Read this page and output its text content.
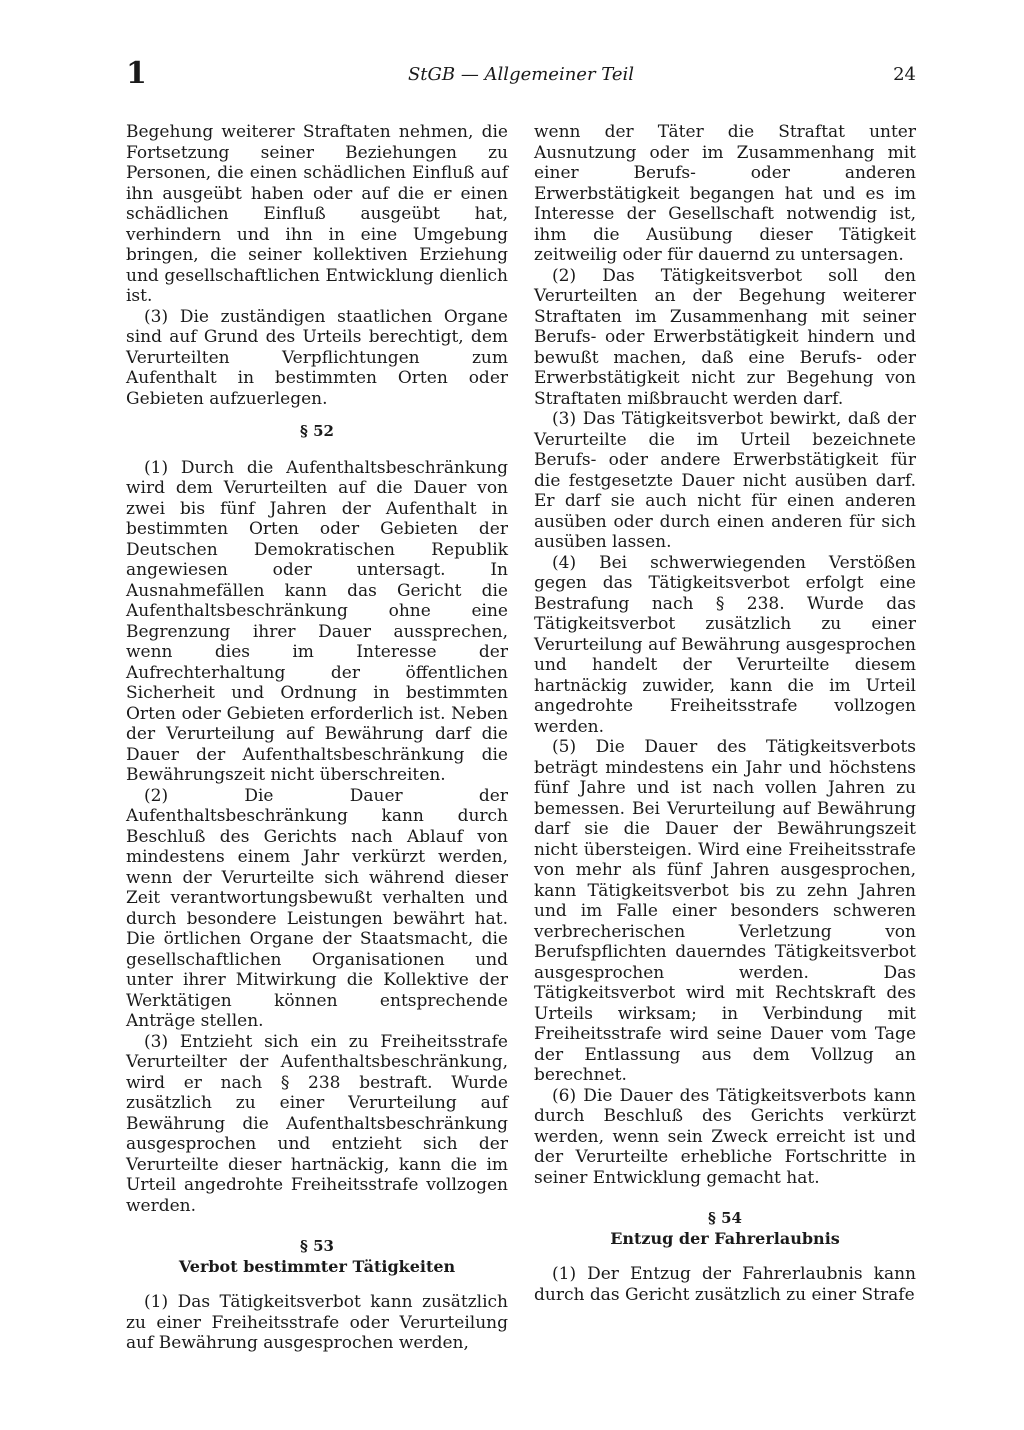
1	StGB — Allgemeiner Teil	24

Begehung weiterer Straftaten nehmen, die Fortsetzung seiner Beziehungen zu Personen, die einen schädlichen Einfluß auf ihn ausgeübt haben oder auf die er einen schädlichen Einfluß ausgeübt hat, verhindern und ihn in eine Umgebung bringen, die seiner kollektiven Erziehung und gesellschaftlichen Entwicklung dienlich ist.

(3) Die zuständigen staatlichen Organe sind auf Grund des Urteils berechtigt, dem Verurteilten Verpflichtungen zum Aufenthalt in bestimmten Orten oder Gebieten aufzuerlegen.

§ 52

(1) Durch die Aufenthaltsbeschränkung wird dem Verurteilten auf die Dauer von zwei bis fünf Jahren der Aufenthalt in bestimmten Orten oder Gebieten der Deutschen Demokratischen Republik angewiesen oder untersagt. In Ausnahmefällen kann das Gericht die Aufenthaltsbeschränkung ohne eine Begrenzung ihrer Dauer aussprechen, wenn dies im Interesse der Aufrechterhaltung der öffentlichen Sicherheit und Ordnung in bestimmten Orten oder Gebieten erforderlich ist. Neben der Verurteilung auf Bewährung darf die Dauer der Aufenthaltsbeschränkung die Bewährungszeit nicht überschreiten.

(2) Die Dauer der Aufenthaltsbeschränkung kann durch Beschluß des Gerichts nach Ablauf von mindestens einem Jahr verkürzt werden, wenn der Verurteilte sich während dieser Zeit verantwortungsbewußt verhalten und durch besondere Leistungen bewährt hat. Die örtlichen Organe der Staatsmacht, die gesellschaftlichen Organisationen und unter ihrer Mitwirkung die Kollektive der Werktätigen können entsprechende Anträge stellen.

(3) Entzieht sich ein zu Freiheitsstrafe Verurteilter der Aufenthaltsbeschränkung, wird er nach § 238 bestraft. Wurde zusätzlich zu einer Verurteilung auf Bewährung die Aufenthaltsbeschränkung ausgesprochen und entzieht sich der Verurteilte dieser hartnäckig, kann die im Urteil angedrohte Freiheitsstrafe vollzogen werden.

§ 53
Verbot bestimmter Tätigkeiten

(1) Das Tätigkeitsverbot kann zusätzlich zu einer Freiheitsstrafe oder Verurteilung auf Bewährung ausgesprochen werden,

wenn der Täter die Straftat unter Ausnutzung oder im Zusammenhang mit einer Berufs- oder anderen Erwerbstätigkeit begangen hat und es im Interesse der Gesellschaft notwendig ist, ihm die Ausübung dieser Tätigkeit zeitweilig oder für dauernd zu untersagen.

(2) Das Tätigkeitsverbot soll den Verurteilten an der Begehung weiterer Straftaten im Zusammenhang mit seiner Berufs- oder Erwerbstätigkeit hindern und bewußt machen, daß eine Berufs- oder Erwerbstätigkeit nicht zur Begehung von Straftaten mißbraucht werden darf.

(3) Das Tätigkeitsverbot bewirkt, daß der Verurteilte die im Urteil bezeichnete Berufs- oder andere Erwerbstätigkeit für die festgesetzte Dauer nicht ausüben darf. Er darf sie auch nicht für einen anderen ausüben oder durch einen anderen für sich ausüben lassen.

(4) Bei schwerwiegenden Verstößen gegen das Tätigkeitsverbot erfolgt eine Bestrafung nach § 238. Wurde das Tätigkeitsverbot zusätzlich zu einer Verurteilung auf Bewährung ausgesprochen und handelt der Verurteilte diesem hartnäckig zuwider, kann die im Urteil angedrohte Freiheitsstrafe vollzogen werden.

(5) Die Dauer des Tätigkeitsverbots beträgt mindestens ein Jahr und höchstens fünf Jahre und ist nach vollen Jahren zu bemessen. Bei Verurteilung auf Bewährung darf sie die Dauer der Bewährungszeit nicht übersteigen. Wird eine Freiheitsstrafe von mehr als fünf Jahren ausgesprochen, kann Tätigkeitsverbot bis zu zehn Jahren und im Falle einer besonders schweren verbrecherischen Verletzung von Berufspflichten dauerndes Tätigkeitsverbot ausgesprochen werden. Das Tätigkeitsverbot wird mit Rechtskraft des Urteils wirksam; in Verbindung mit Freiheitsstrafe wird seine Dauer vom Tage der Entlassung aus dem Vollzug an berechnet.

(6) Die Dauer des Tätigkeitsverbots kann durch Beschluß des Gerichts verkürzt werden, wenn sein Zweck erreicht ist und der Verurteilte erhebliche Fortschritte in seiner Entwicklung gemacht hat.

§ 54
Entzug der Fahrerlaubnis

(1) Der Entzug der Fahrerlaubnis kann durch das Gericht zusätzlich zu einer Strafe
